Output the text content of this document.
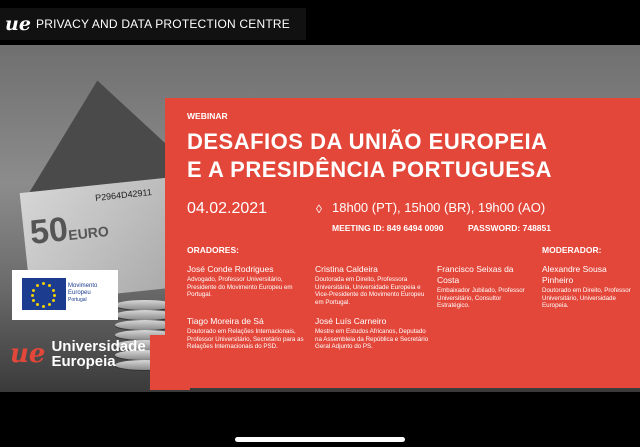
P2964D42911
50EURO
WEBINAR
DESAFIOS DA UNIÃO EUROPEIA
E A PRESIDÊNCIA PORTUGUESA
04.02.2021	◊ 18h00 (PT), 15h00 (BR), 19h00 (AO)
MEETING ID: 849 6494 0090	PASSWORD: 748851
ORADORES:	MODERADOR:
José Conde Rodrigues
Advogado, Professor Universitário, Presidente do Movimento Europeu em Portugal.
Cristina Caldeira
Doutorada em Direito, Professora Universitária, Universidade Europeia e Vice-Presidente do Movimento Europeu em Portugal.
Francisco Seixas da Costa
Embaixador Jubilado, Professor Universitário, Consultor Estratégico.
Alexandre Sousa Pinheiro
Doutorado em Direito, Professor Universitário, Universidade Europeia.
Tiago Moreira de Sá
Doutorado em Relações Internacionais, Professor Universitário, Secretário para as Relações Internacionais do PSD.
José Luís Carneiro
Mestre em Estudos Africanos, Deputado na Assembleia da República e Secretário Geral Adjunto do PS.
Movimento
Europeu
Portugal
ue Universidade
Europeia
ue PRIVACY AND DATA PROTECTION CENTRE
